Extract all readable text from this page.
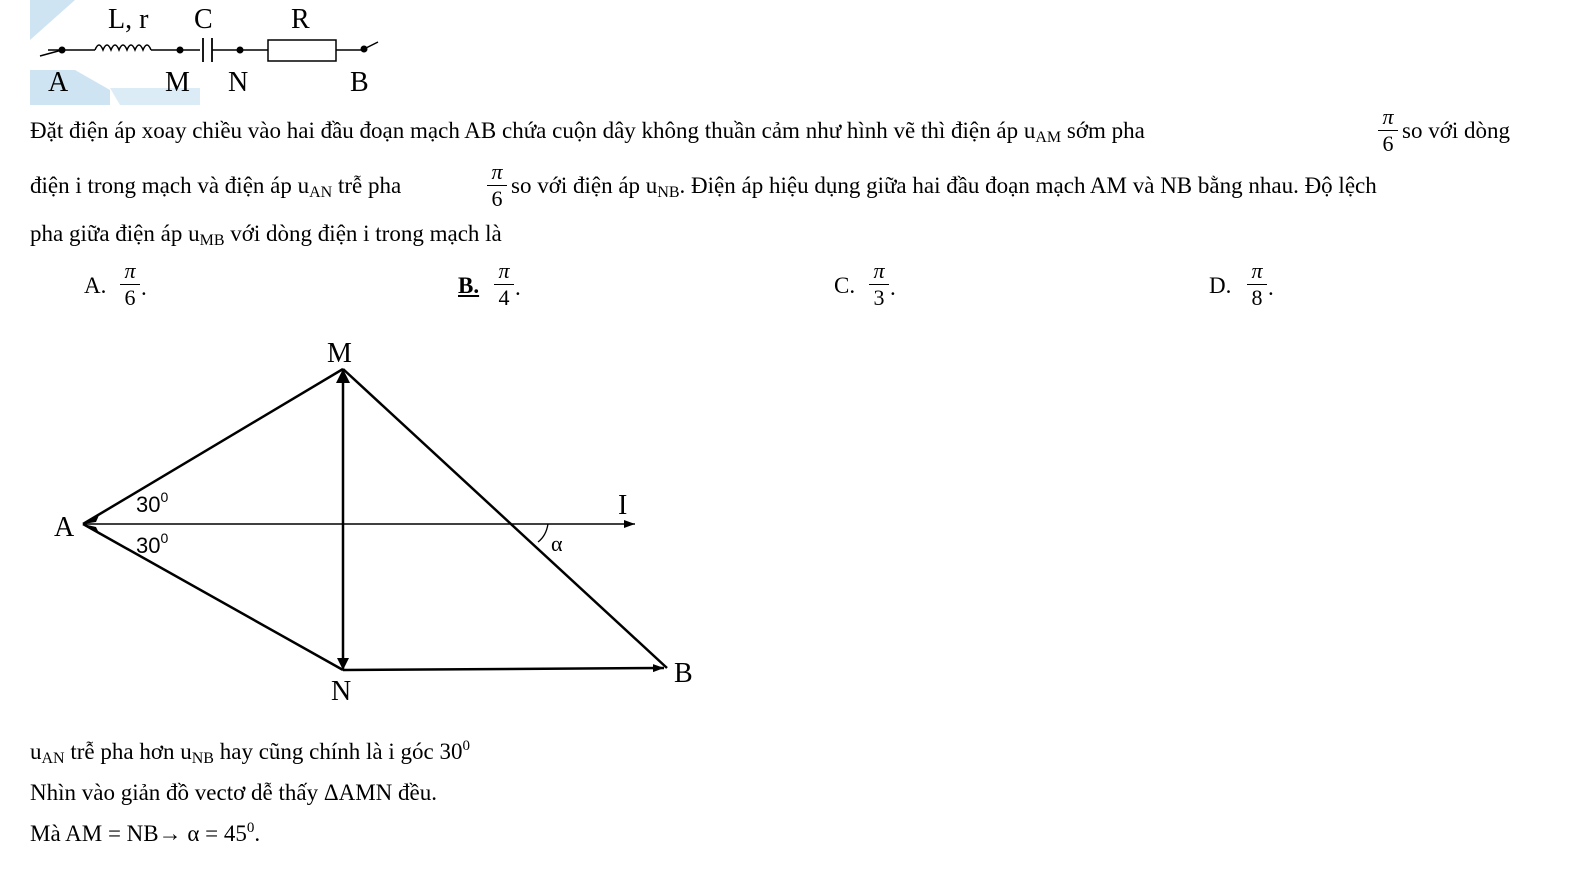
L, r C	R
A	M N	B
Đặt điện áp xoay chiều vào hai đầu đoạn mạch AB chứa cuộn dây không thuần cảm như hình vẽ thì điện áp uAM sớm pha
π
6
so với dòng
điện i trong mạch và điện áp uAN trễ pha
π
6
so với điện áp uNB. Điện áp hiệu dụng giữa hai đầu đoạn mạch AM và NB bằng nhau. Độ lệch
pha giữa điện áp uMB với dòng điện i trong mạch là
A.
π
6 .	B.
π
4 .	C.
π
3 .	D.
π
8 .
M
A
N
B
I
$30^0$
$30^0$	α
uAN trễ pha hơn uNB hay cũng chính là i góc $30^0$
Nhìn vào giản đồ vectơ dễ thấy ΔAMN đều.
Mà AM = $NB\to \alpha = 45^0$.
